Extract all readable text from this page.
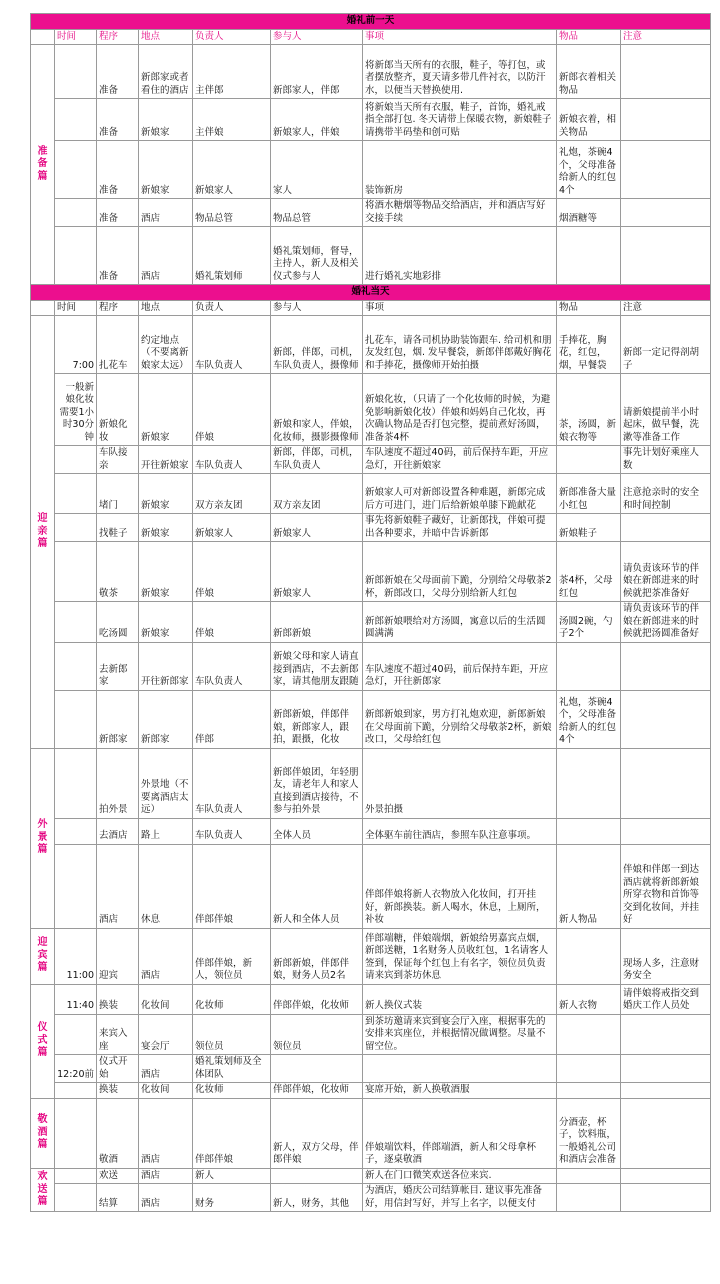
婚礼前一天								
	时间	程序	地点	负责人	参与人	事项	物品	注意
准备篇		准备	新郎家或者看住的酒店	主伴郎	新郎家人，伴郎	将新郎当天所有的衣服，鞋子，等打包，或者摆放整齐，夏天请多带几件衬衣，以防汗水，以便当天替换使用.	新郎衣着相关物品	
		准备	新娘家	主伴娘	新娘家人，伴娘	将新娘当天所有衣服，鞋子，首饰，婚礼戒指全部打包. 冬天请带上保暖衣物，新娘鞋子请携带半码垫和创可贴	新娘衣着，相关物品	
		准备	新娘家	新娘家人	家人	装饰新房	礼炮，茶碗4个，父母准备给新人的红包4个	
		准备	酒店	物品总管	物品总管	将酒水糖烟等物品交给酒店，并和酒店写好交接手续	烟酒糖等	
		准备	酒店	婚礼策划师	婚礼策划师，督导，主持人，新人及相关仪式参与人	进行婚礼实地彩排		
婚礼当天								
	时间	程序	地点	负责人	参与人	事项	物品	注意
迎亲篇	7:00	扎花车	约定地点（不要离新娘家太远）	车队负责人	新郎，伴郎，司机，车队负责人，摄像师	扎花车，请各司机协助装饰跟车. 给司机和朋友发红包，烟. 发早餐袋，新郎伴郎戴好胸花和手捧花，摄像师开始拍摄	手捧花，胸花，红包，烟，早餐袋	新郎一定记得剖胡子
	一般新娘化妆需要1小时30分钟	新娘化妆	新娘家	伴娘	新娘和家人，伴娘，化妆师，摄影摄像师	新娘化妆，（只请了一个化妆师的时候，为避免影响新娘化妆）伴娘和妈妈自己化妆，再次确认物品是否打包完整，提前煮好汤圆，准备茶4杯	茶，汤圆，新娘衣物等	请新娘提前半小时起床，做早餐，洗漱等准备工作
		车队接亲	开往新娘家	车队负责人	新郎，伴郎，司机，车队负责人	车队速度不超过40码，前后保持车距，开应急灯，开往新娘家		事先计划好乘座人数
		堵门	新娘家	双方亲友团	双方亲友团	新娘家人可对新郎设置各种难题，新郎完成后方可进门，进门后给新娘单膝下跪献花	新郎准备大量小红包	注意抢亲时的安全和时间控制
		找鞋子	新娘家	新娘家人	新娘家人	事先将新娘鞋子藏好，让新郎找，伴娘可提出各种要求，并暗中告诉新郎	新娘鞋子	
		敬茶	新娘家	伴娘	新娘家人	新郎新娘在父母面前下跪，分别给父母敬茶2杯，新郎改口，父母分别给新人红包	茶4杯，父母红包	请负责该环节的伴娘在新郎进来的时候就把茶准备好
		吃汤圆	新娘家	伴娘	新郎新娘	新郎新娘喂给对方汤圆，寓意以后的生活圆圆满满	汤圆2碗，勺子2个	请负责该环节的伴娘在新郎进来的时候就把汤圆准备好
		去新郎家	开往新郎家	车队负责人	新娘父母和家人请直接到酒店，不去新郎家，请其他朋友跟随	车队速度不超过40码，前后保持车距，开应急灯，开往新郎家		
		新郎家	新郎家	伴郎	新郎新娘，伴郎伴娘，新郎家人，跟拍，跟摄，化妆	新郎新娘到家，男方打礼炮欢迎，新郎新娘在父母面前下跪，分别给父母敬茶2杯，新娘改口，父母给红包	礼炮，茶碗4个，父母准备给新人的红包4个	
外景篇		拍外景	外景地（不要离酒店太远）	车队负责人	新郎伴娘团，年轻朋友，请老年人和家人直接到酒店接待，不参与拍外景	外景拍摄		
		去酒店	路上	车队负责人	全体人员	全体驱车前往酒店，参照车队注意事项。		
		酒店	休息	伴郎伴娘	新人和全体人员	伴郎伴娘将新人衣物放入化妆间，打开挂好，新郎换装。新人喝水，休息，上厕所，补妆	新人物品	伴娘和伴郎一到达酒店就将新郎新娘所穿衣物和首饰等交到化妆间，并挂好
迎宾篇	11:00	迎宾	酒店	伴郎伴娘，新人，领位员	新郎新娘，伴郎伴娘，财务人员2名	伴郎端糖，伴娘端烟，新娘给男嘉宾点烟，新郎送糖，1名财务人员收红包，1名请客人签到，保证每个红包上有名字，领位员负责请来宾到茶坊休息		现场人多，注意财务安全
仪式篇	11:40	换装	化妆间	化妆师	伴郎伴娘，化妆师	新人换仪式装	新人衣物	请伴娘将戒指交到婚庆工作人员处
		来宾入座	宴会厅	领位员	领位员	到茶坊邀请来宾到宴会厅入座，根据事先的安排来宾座位，并根据情况做调整。尽量不留空位。		
	12:20前	仪式开始	酒店	婚礼策划师及全体团队				
		换装	化妆间	化妆师	伴郎伴娘，化妆师	宴席开始，新人换敬酒服		
敬酒篇		敬酒	酒店	伴郎伴娘	新人，双方父母，伴郎伴娘	伴娘端饮料，伴郎端酒，新人和父母拿杯子，逐桌敬酒	分酒壶，杯子，饮料瓶，一般婚礼公司和酒店会准备	
欢送篇		欢送	酒店	新人		新人在门口微笑欢送各位来宾.		
		结算	酒店	财务	新人，财务，其他	为酒店，婚庆公司结算帐目. 建议事先准备好，用信封写好，并写上名字，以便支付		
